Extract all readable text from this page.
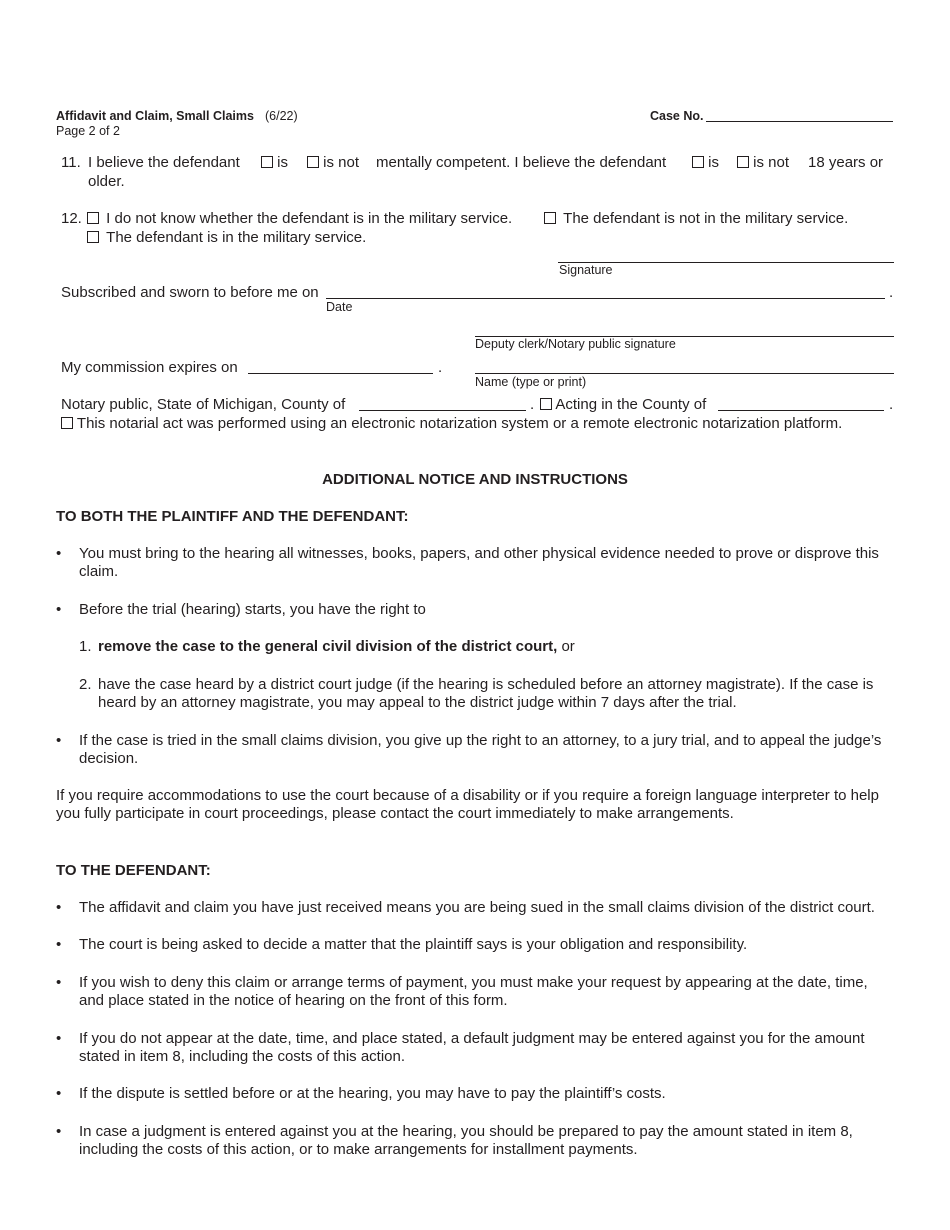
Affidavit and Claim, Small Claims (6/22)
Page 2 of 2
Case No.
11. I believe the defendant	is	is not mentally competent. I believe the defendant	is	is not 18 years or
older.
12.	I do not know whether the defendant is in the military service.	The defendant is not in the military service.
The defendant is in the military service.
Signature
Subscribed and sworn to before me on	.
Date
Deputy clerk/Notary public signature
My commission expires on	.
Name (type or print)
Notary public, State of Michigan, County of	.	Acting in the County of	.
This notarial act was performed using an electronic notarization system or a remote electronic notarization platform.
ADDITIONAL NOTICE AND INSTRUCTIONS
TO BOTH THE PLAINTIFF AND THE DEFENDANT:
• You must bring to the hearing all witnesses, books, papers, and other physical evidence needed to prove or disprove this claim.
• Before the trial (hearing) starts, you have the right to
1. remove the case to the general civil division of the district court, or
2. have the case heard by a district court judge (if the hearing is scheduled before an attorney magistrate). If the case is heard by an attorney magistrate, you may appeal to the district judge within 7 days after the trial.
• If the case is tried in the small claims division, you give up the right to an attorney, to a jury trial, and to appeal the judge’s decision.
If you require accommodations to use the court because of a disability or if you require a foreign language interpreter to help you fully participate in court proceedings, please contact the court immediately to make arrangements.
TO THE DEFENDANT:
• The affidavit and claim you have just received means you are being sued in the small claims division of the district court.
• The court is being asked to decide a matter that the plaintiff says is your obligation and responsibility.
• If you wish to deny this claim or arrange terms of payment, you must make your request by appearing at the date, time, and place stated in the notice of hearing on the front of this form.
• If you do not appear at the date, time, and place stated, a default judgment may be entered against you for the amount stated in item 8, including the costs of this action.
• If the dispute is settled before or at the hearing, you may have to pay the plaintiff’s costs.
• In case a judgment is entered against you at the hearing, you should be prepared to pay the amount stated in item 8, including the costs of this action, or to make arrangements for installment payments.
